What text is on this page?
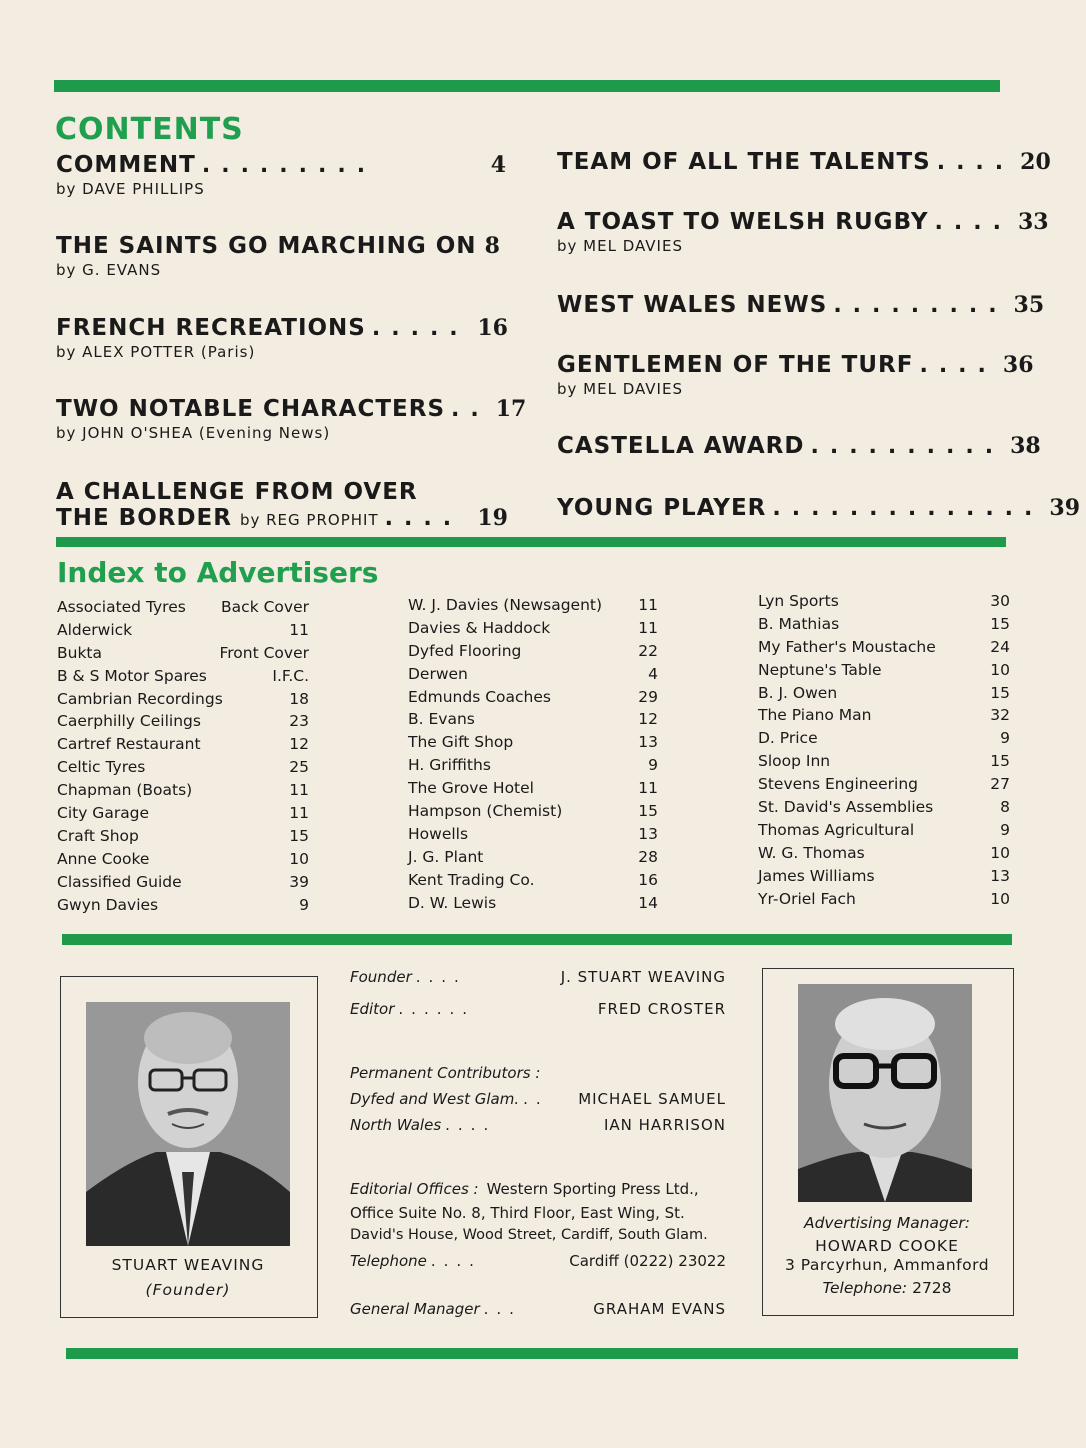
CONTENTS
COMMENT .........	4
by DAVE PHILLIPS
THE SAINTS GO MARCHING ON 8
by G. EVANS
FRENCH RECREATIONS ..... 16
by ALEX POTTER (Paris)
TWO NOTABLE CHARACTERS .. 17
by JOHN O'SHEA (Evening News)
A CHALLENGE FROM OVER
THE BORDER by REG PROPHIT .... 19
TEAM OF ALL THE TALENTS .... 20
A TOAST TO WELSH RUGBY .... 33
by MEL DAVIES
WEST WALES NEWS ......... 35
GENTLEMEN OF THE TURF .... 36
by MEL DAVIES
CASTELLA AWARD .......... 38
YOUNG PLAYER .............. 39
Index to Advertisers
Associated Tyres Back Cover
Alderwick	11
Bukta	Front Cover
B & S Motor Spares	I.F.C.
Cambrian Recordings	18
Caerphilly Ceilings	23
Cartref Restaurant	12
Celtic Tyres	25
Chapman (Boats)	11
City Garage	11
Craft Shop	15
Anne Cooke	10
Classified Guide	39
Gwyn Davies	9
W. J. Davies (Newsagent) 11
Davies & Haddock	11
Dyfed Flooring	22
Derwen	4
Edmunds Coaches	29
B. Evans	12
The Gift Shop	13
H. Griffiths	9
The Grove Hotel	11
Hampson (Chemist)	15
Howells	13
J. G. Plant	28
Kent Trading Co.	16
D. W. Lewis	14
Lyn Sports	30
B. Mathias	15
My Father's Moustache	24
Neptune's Table	10
B. J. Owen	15
The Piano Man	32
D. Price	9
Sloop Inn	15
Stevens Engineering	27
St. David's Assemblies	8
Thomas Agricultural	9
W. G. Thomas	10
James Williams	13
Yr-Oriel Fach	10
STUART WEAVING
(Founder)
Founder ....	J. STUART WEAVING
Editor ......	FRED CROSTER
Permanent Contributors :
Dyfed and West Glam. ..	MICHAEL SAMUEL
North Wales ....	IAN HARRISON
Editorial Offices : Western Sporting Press Ltd.,
Office Suite No. 8, Third Floor, East Wing, St.
David's House, Wood Street, Cardiff, South Glam.
Telephone ....	Cardiff (0222) 23022
General Manager ...	GRAHAM EVANS
Advertising Manager:
HOWARD COOKE
3 Parcyrhun, Ammanford
Telephone: 2728
